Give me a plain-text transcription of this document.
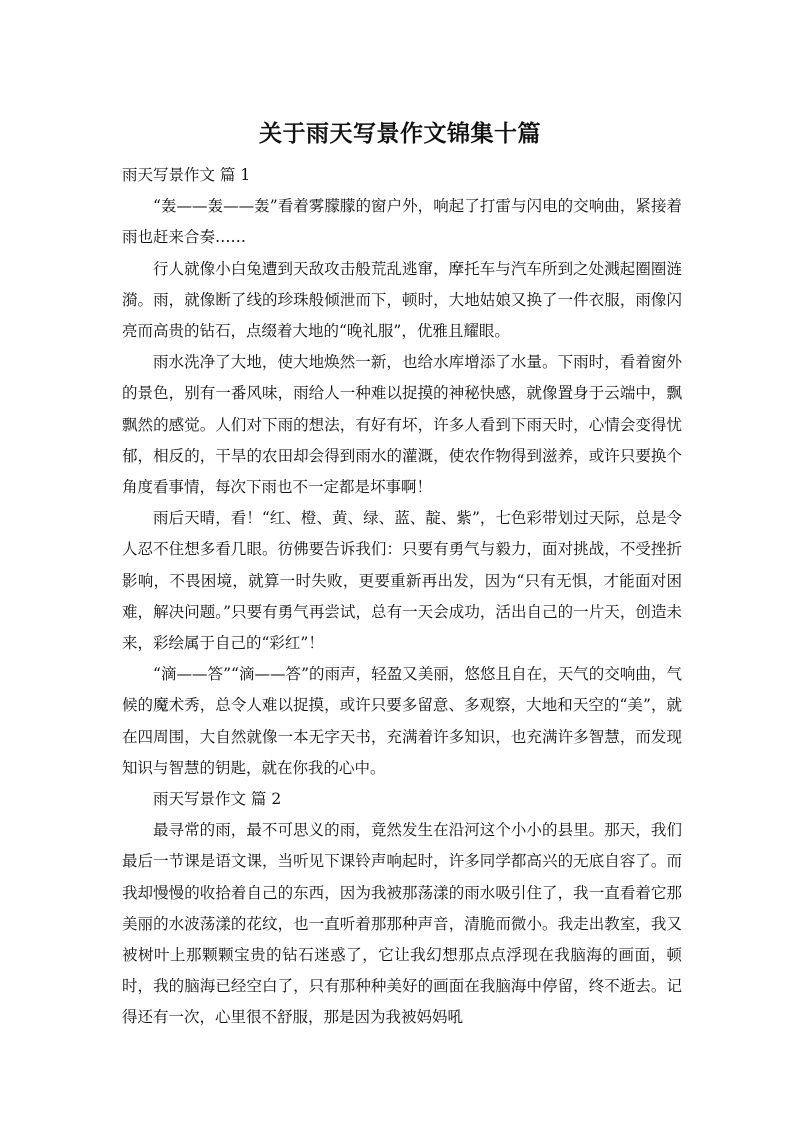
关于雨天写景作文锦集十篇

雨天写景作文 篇 1

“轰——轰——轰”看着雾朦朦的窗户外，响起了打雷与闪电的交响曲，紧接着雨也赶来合奏……

行人就像小白兔遭到天敌攻击般荒乱逃窜，摩托车与汽车所到之处溅起圈圈涟漪。雨，就像断了线的珍珠般倾泄而下，顿时，大地姑娘又换了一件衣服，雨像闪亮而高贵的钻石，点缀着大地的“晚礼服”，优雅且耀眼。

雨水洗净了大地，使大地焕然一新，也给水库增添了水量。下雨时，看着窗外的景色，别有一番风味，雨给人一种难以捉摸的神秘快感，就像置身于云端中，飘飘然的感觉。人们对下雨的想法，有好有坏，许多人看到下雨天时，心情会变得忧郁，相反的，干旱的农田却会得到雨水的灌溉，使农作物得到滋养，或许只要换个角度看事情，每次下雨也不一定都是坏事啊！

雨后天晴，看！“红、橙、黄、绿、蓝、靛、紫”，七色彩带划过天际，总是令人忍不住想多看几眼。彷佛要告诉我们：只要有勇气与毅力，面对挑战，不受挫折影响，不畏困境，就算一时失败，更要重新再出发，因为“只有无惧，才能面对困难，解决问题。”只要有勇气再尝试，总有一天会成功，活出自己的一片天，创造未来，彩绘属于自己的“彩红”！

“滴——答”“滴——答”的雨声，轻盈又美丽，悠悠且自在，天气的交响曲，气候的魔术秀，总令人难以捉摸，或许只要多留意、多观察，大地和天空的“美”，就在四周围，大自然就像一本无字天书，充满着许多知识，也充满许多智慧，而发现知识与智慧的钥匙，就在你我的心中。

雨天写景作文 篇 2

最寻常的雨，最不可思义的雨，竟然发生在沿河这个小小的县里。那天，我们最后一节课是语文课，当听见下课铃声响起时，许多同学都高兴的无底自容了。而我却慢慢的收拾着自己的东西，因为我被那荡漾的雨水吸引住了，我一直看着它那美丽的水波荡漾的花纹，也一直听着那那种声音，清脆而微小。我走出教室，我又被树叶上那颗颗宝贵的钻石迷惑了，它让我幻想那点点浮现在我脑海的画面，顿时，我的脑海已经空白了，只有那种种美好的画面在我脑海中停留，终不逝去。记得还有一次，心里很不舒服，那是因为我被妈妈吼
